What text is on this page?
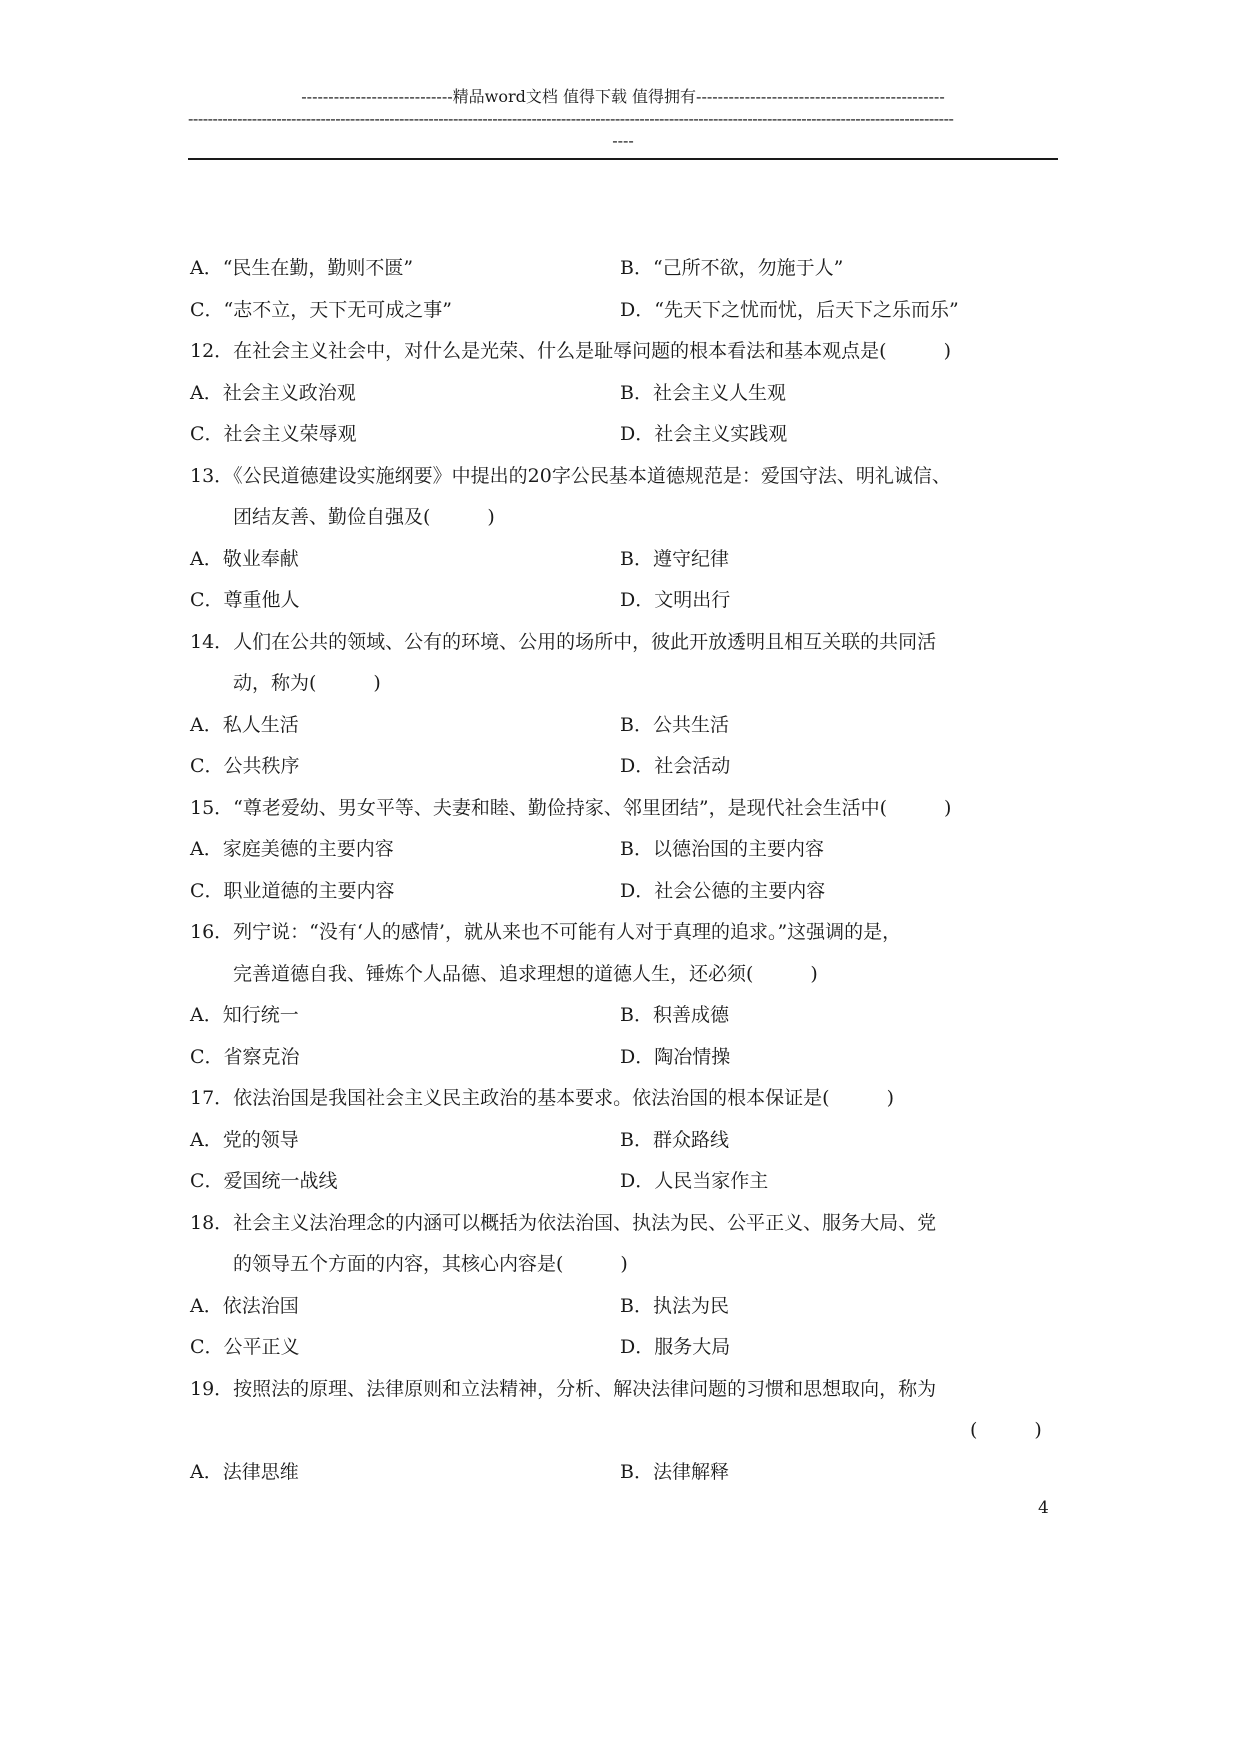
----------------------------精品word文档 值得下载 值得拥有----------------------------------------------
------------------------------------------------------------------------------------------------------------------------------------------------------------
----
A．“民生在勤，勤则不匮”	B．“己所不欲，勿施于人”
C．“志不立，天下无可成之事”	D．“先天下之忧而忧，后天下之乐而乐”
12．在社会主义社会中，对什么是光荣、什么是耻辱问题的根本看法和基本观点是(　　　)
A．社会主义政治观	B．社会主义人生观
C．社会主义荣辱观	D．社会主义实践观
13．《公民道德建设实施纲要》中提出的20字公民基本道德规范是：爱国守法、明礼诚信、
团结友善、勤俭自强及(　　　)
A．敬业奉献	B．遵守纪律
C．尊重他人	D．文明出行
14．人们在公共的领域、公有的环境、公用的场所中，彼此开放透明且相互关联的共同活
动，称为(　　　)
A．私人生活	B．公共生活
C．公共秩序	D．社会活动
15．“尊老爱幼、男女平等、夫妻和睦、勤俭持家、邻里团结”，是现代社会生活中(　　　)
A．家庭美德的主要内容	B．以德治国的主要内容
C．职业道德的主要内容	D．社会公德的主要内容
16．列宁说：“没有‘人的感情’，就从来也不可能有人对于真理的追求。”这强调的是，
完善道德自我、锤炼个人品德、追求理想的道德人生，还必须(　　　)
A．知行统一	B．积善成德
C．省察克治	D．陶冶情操
17．依法治国是我国社会主义民主政治的基本要求。依法治国的根本保证是(　　　)
A．党的领导	B．群众路线
C．爱国统一战线	D．人民当家作主
18．社会主义法治理念的内涵可以概括为依法治国、执法为民、公平正义、服务大局、党
的领导五个方面的内容，其核心内容是(　　　)
A．依法治国	B．执法为民
C．公平正义	D．服务大局
19．按照法的原理、法律原则和立法精神，分析、解决法律问题的习惯和思想取向，称为
(　　　)
A．法律思维	B．法律解释
4
